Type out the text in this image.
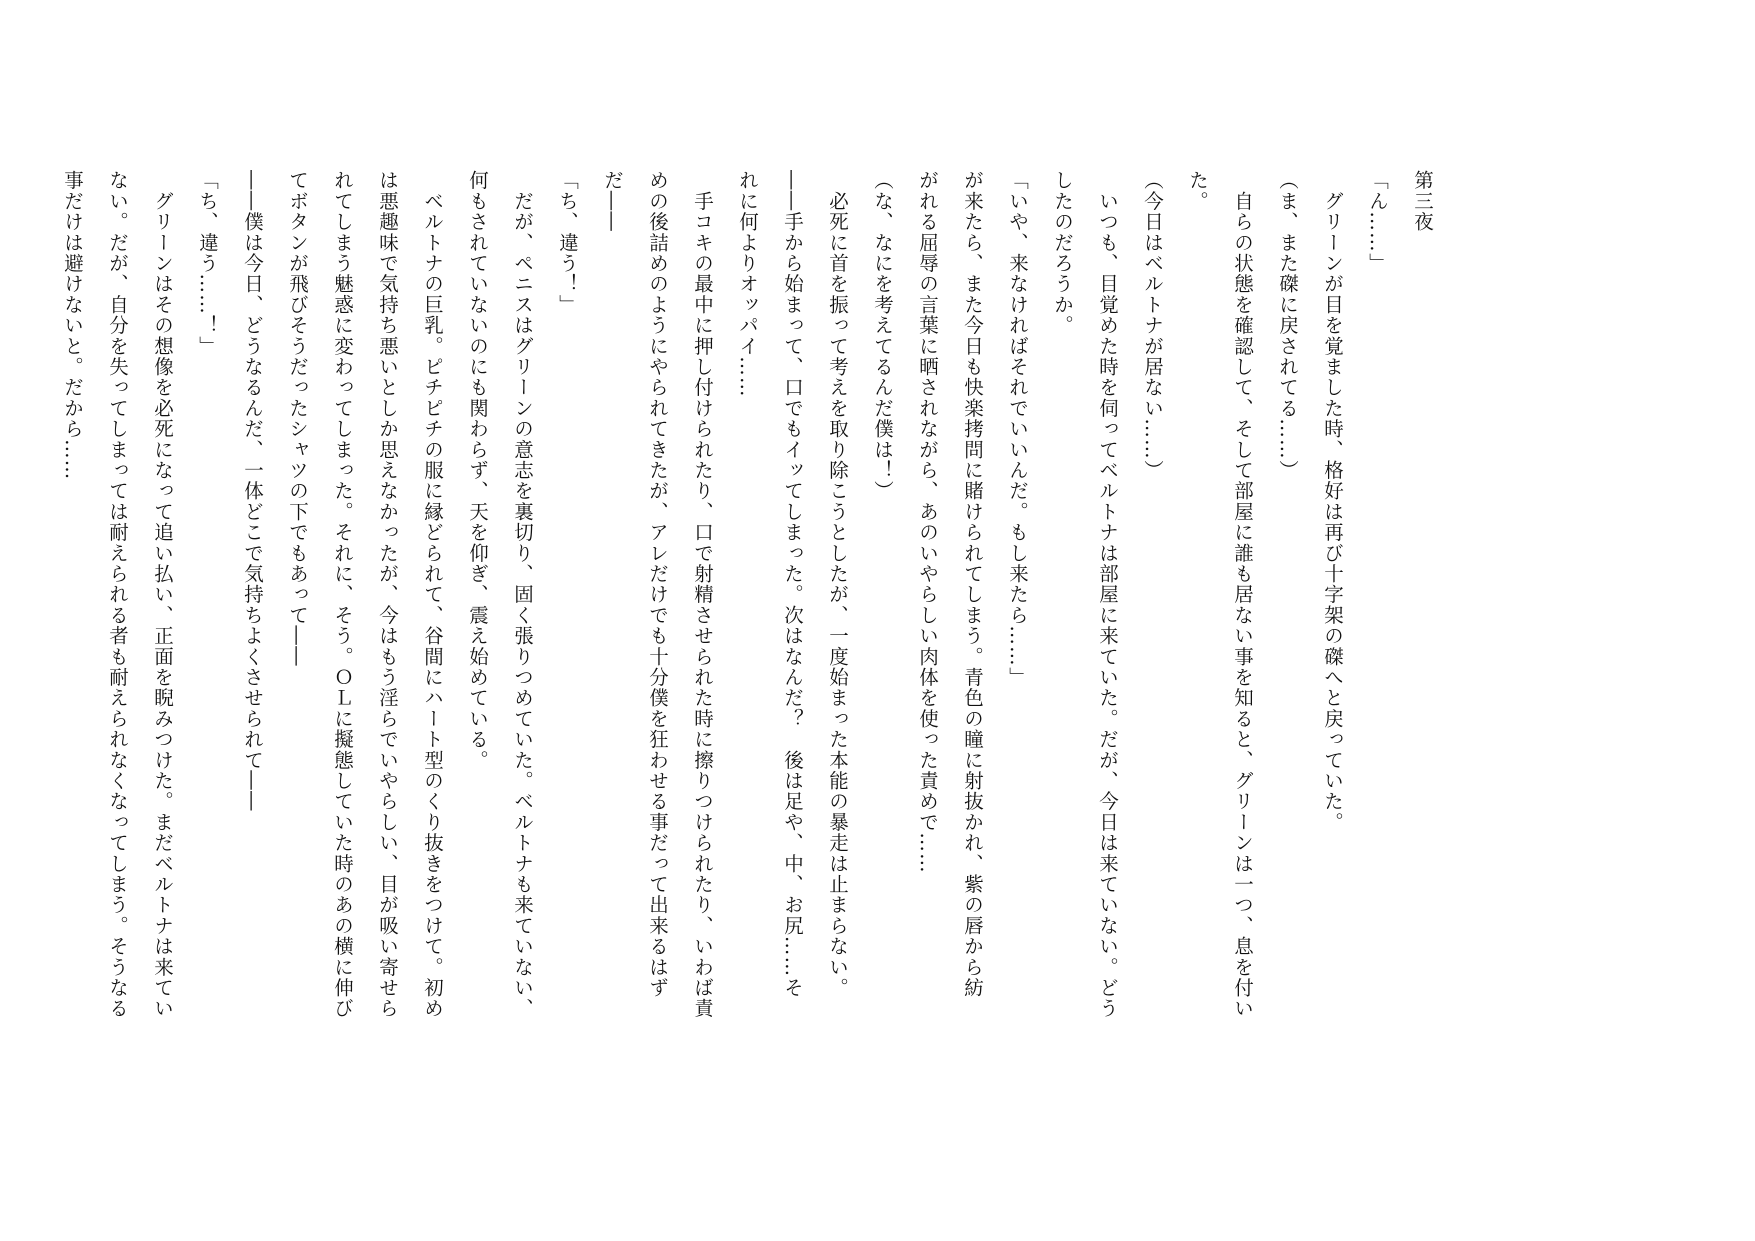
第三夜
「ん……」
　グリーンが目を覚ました時、格好は再び十字架の磔へと戻っていた。
（ま、また磔に戻されてる……）
　自らの状態を確認して、そして部屋に誰も居ない事を知ると、グリーンは一つ、息を付い
た。
（今日はベルトナが居ない……）
　いつも、目覚めた時を伺ってベルトナは部屋に来ていた。だが、今日は来ていない。どう
したのだろうか。
「いや、来なければそれでいいんだ。もし来たら……」
が来たら、また今日も快楽拷問に賭けられてしまう。青色の瞳に射抜かれ、紫の唇から紡
がれる屈辱の言葉に晒されながら、あのいやらしい肉体を使った責めで……
（な、なにを考えてるんだ僕は！）
　必死に首を振って考えを取り除こうとしたが、一度始まった本能の暴走は止まらない。
――手から始まって、口でもイッてしまった。次はなんだ？　後は足や、中、お尻……そ
れに何よりオッパイ……
　手コキの最中に押し付けられたり、口で射精させられた時に擦りつけられたり、いわば責
めの後詰めのようにやられてきたが、アレだけでも十分僕を狂わせる事だって出来るはず
だ――
「ち、違う！」
　だが、ペニスはグリーンの意志を裏切り、固く張りつめていた。ベルトナも来ていない、
何もされていないのにも関わらず、天を仰ぎ、震え始めている。
　ベルトナの巨乳。ピチピチの服に縁どられて、谷間にハート型のくり抜きをつけて。初め
は悪趣味で気持ち悪いとしか思えなかったが、今はもう淫らでいやらしい、目が吸い寄せら
れてしまう魅惑に変わってしまった。それに、そう。ＯＬに擬態していた時のあの横に伸び
てボタンが飛びそうだったシャツの下でもあって――
――僕は今日、どうなるんだ、一体どこで気持ちよくさせられて――
「ち、違う……！」
　グリーンはその想像を必死になって追い払い、正面を睨みつけた。まだベルトナは来てい
ない。だが、自分を失ってしまっては耐えられる者も耐えられなくなってしまう。そうなる
事だけは避けないと。だから……
